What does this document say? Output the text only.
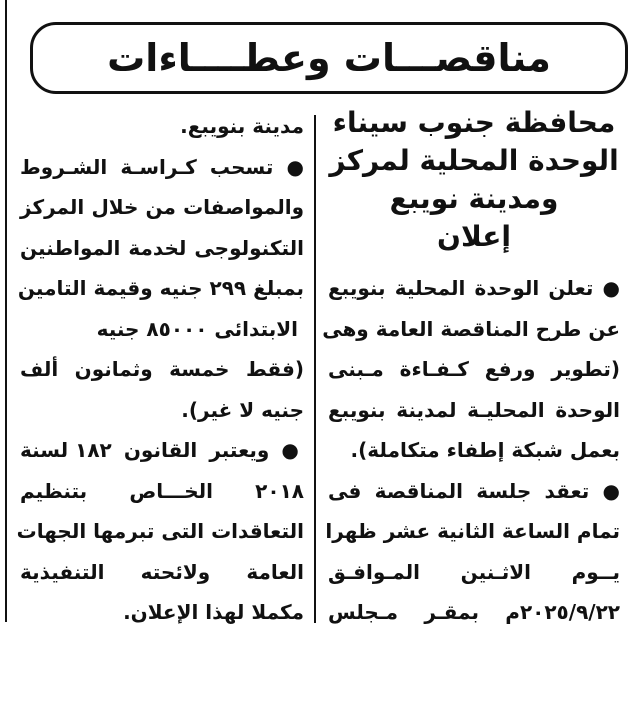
مناقصـــات وعطــــاءات
محافظة جنوب سيناء
الوحدة المحلية لمركز
ومدينة نويبع
إعلان
● تعلن الوحدة المحلية بنويبع
عن طرح المناقصة العامة وهى
(تطوير ورفع كـفـاءة مـبنى
الوحدة المحليـة لمدينة بنويبع
بعمل شبكة إطفاء متكاملة).
● تعقد جلسة المناقصة فى
تمام الساعة الثانية عشر ظهرا
يــوم الاثـنين المـوافـق
٢٠٢٥/٩/٢٢م بمقـر مـجلس
مدينة بنويبع.
● تسحب كـراسـة الشـروط
والمواصفات من خلال المركز
التكنولوجى لخدمة المواطنين
بمبلغ ٢٩٩ جنيه وقيمة التامين
الابتدائى ٨٥٠٠٠ جنيه
(فقط خمسة وثمانون ألف
جنيه لا غير).
● ويعتبر القانون ١٨٢ لسنة
٢٠١٨ الخـــاص بتنظيم
التعاقدات التى تبرمها الجهات
العامة ولائحته التنفيذية
مكملا لهذا الإعلان.
